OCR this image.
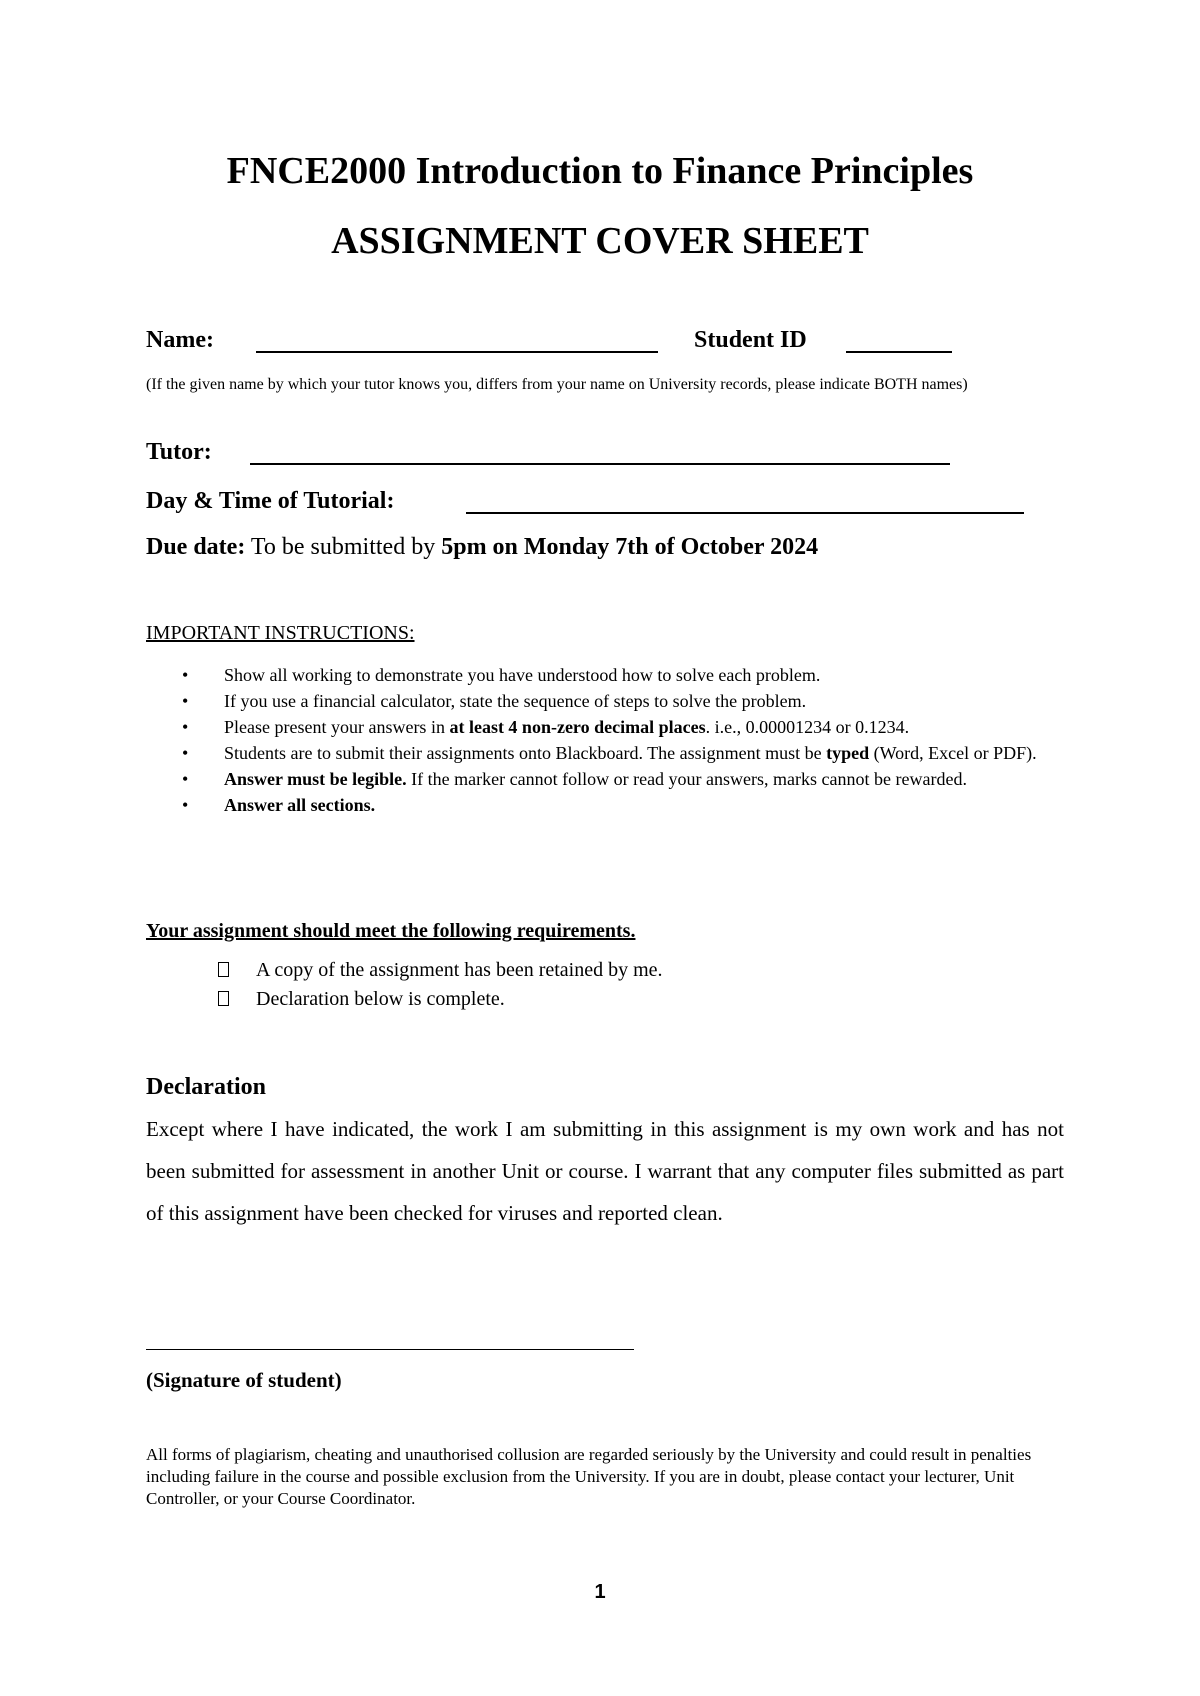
FNCE2000 Introduction to Finance Principles
ASSIGNMENT COVER SHEET
Name:	Student ID
(If the given name by which your tutor knows you, differs from your name on University records, please indicate BOTH names)
Tutor:
Day & Time of Tutorial:
Due date: To be submitted by 5pm on Monday 7th of October 2024
IMPORTANT INSTRUCTIONS:
• Show all working to demonstrate you have understood how to solve each problem.
• If you use a financial calculator, state the sequence of steps to solve the problem.
• Please present your answers in at least 4 non-zero decimal places. i.e., 0.00001234 or 0.1234.
• Students are to submit their assignments onto Blackboard. The assignment must be typed (Word, Excel or PDF).
• Answer must be legible. If the marker cannot follow or read your answers, marks cannot be rewarded.
• Answer all sections.
Your assignment should meet the following requirements.
A copy of the assignment has been retained by me.
Declaration below is complete.
Declaration
Except where I have indicated, the work I am submitting in this assignment is my own work and has not been submitted for assessment in another Unit or course. I warrant that any computer files submitted as part of this assignment have been checked for viruses and reported clean.
(Signature of student)
All forms of plagiarism, cheating and unauthorised collusion are regarded seriously by the University and could result in penalties including failure in the course and possible exclusion from the University. If you are in doubt, please contact your lecturer, Unit Controller, or your Course Coordinator.
1
